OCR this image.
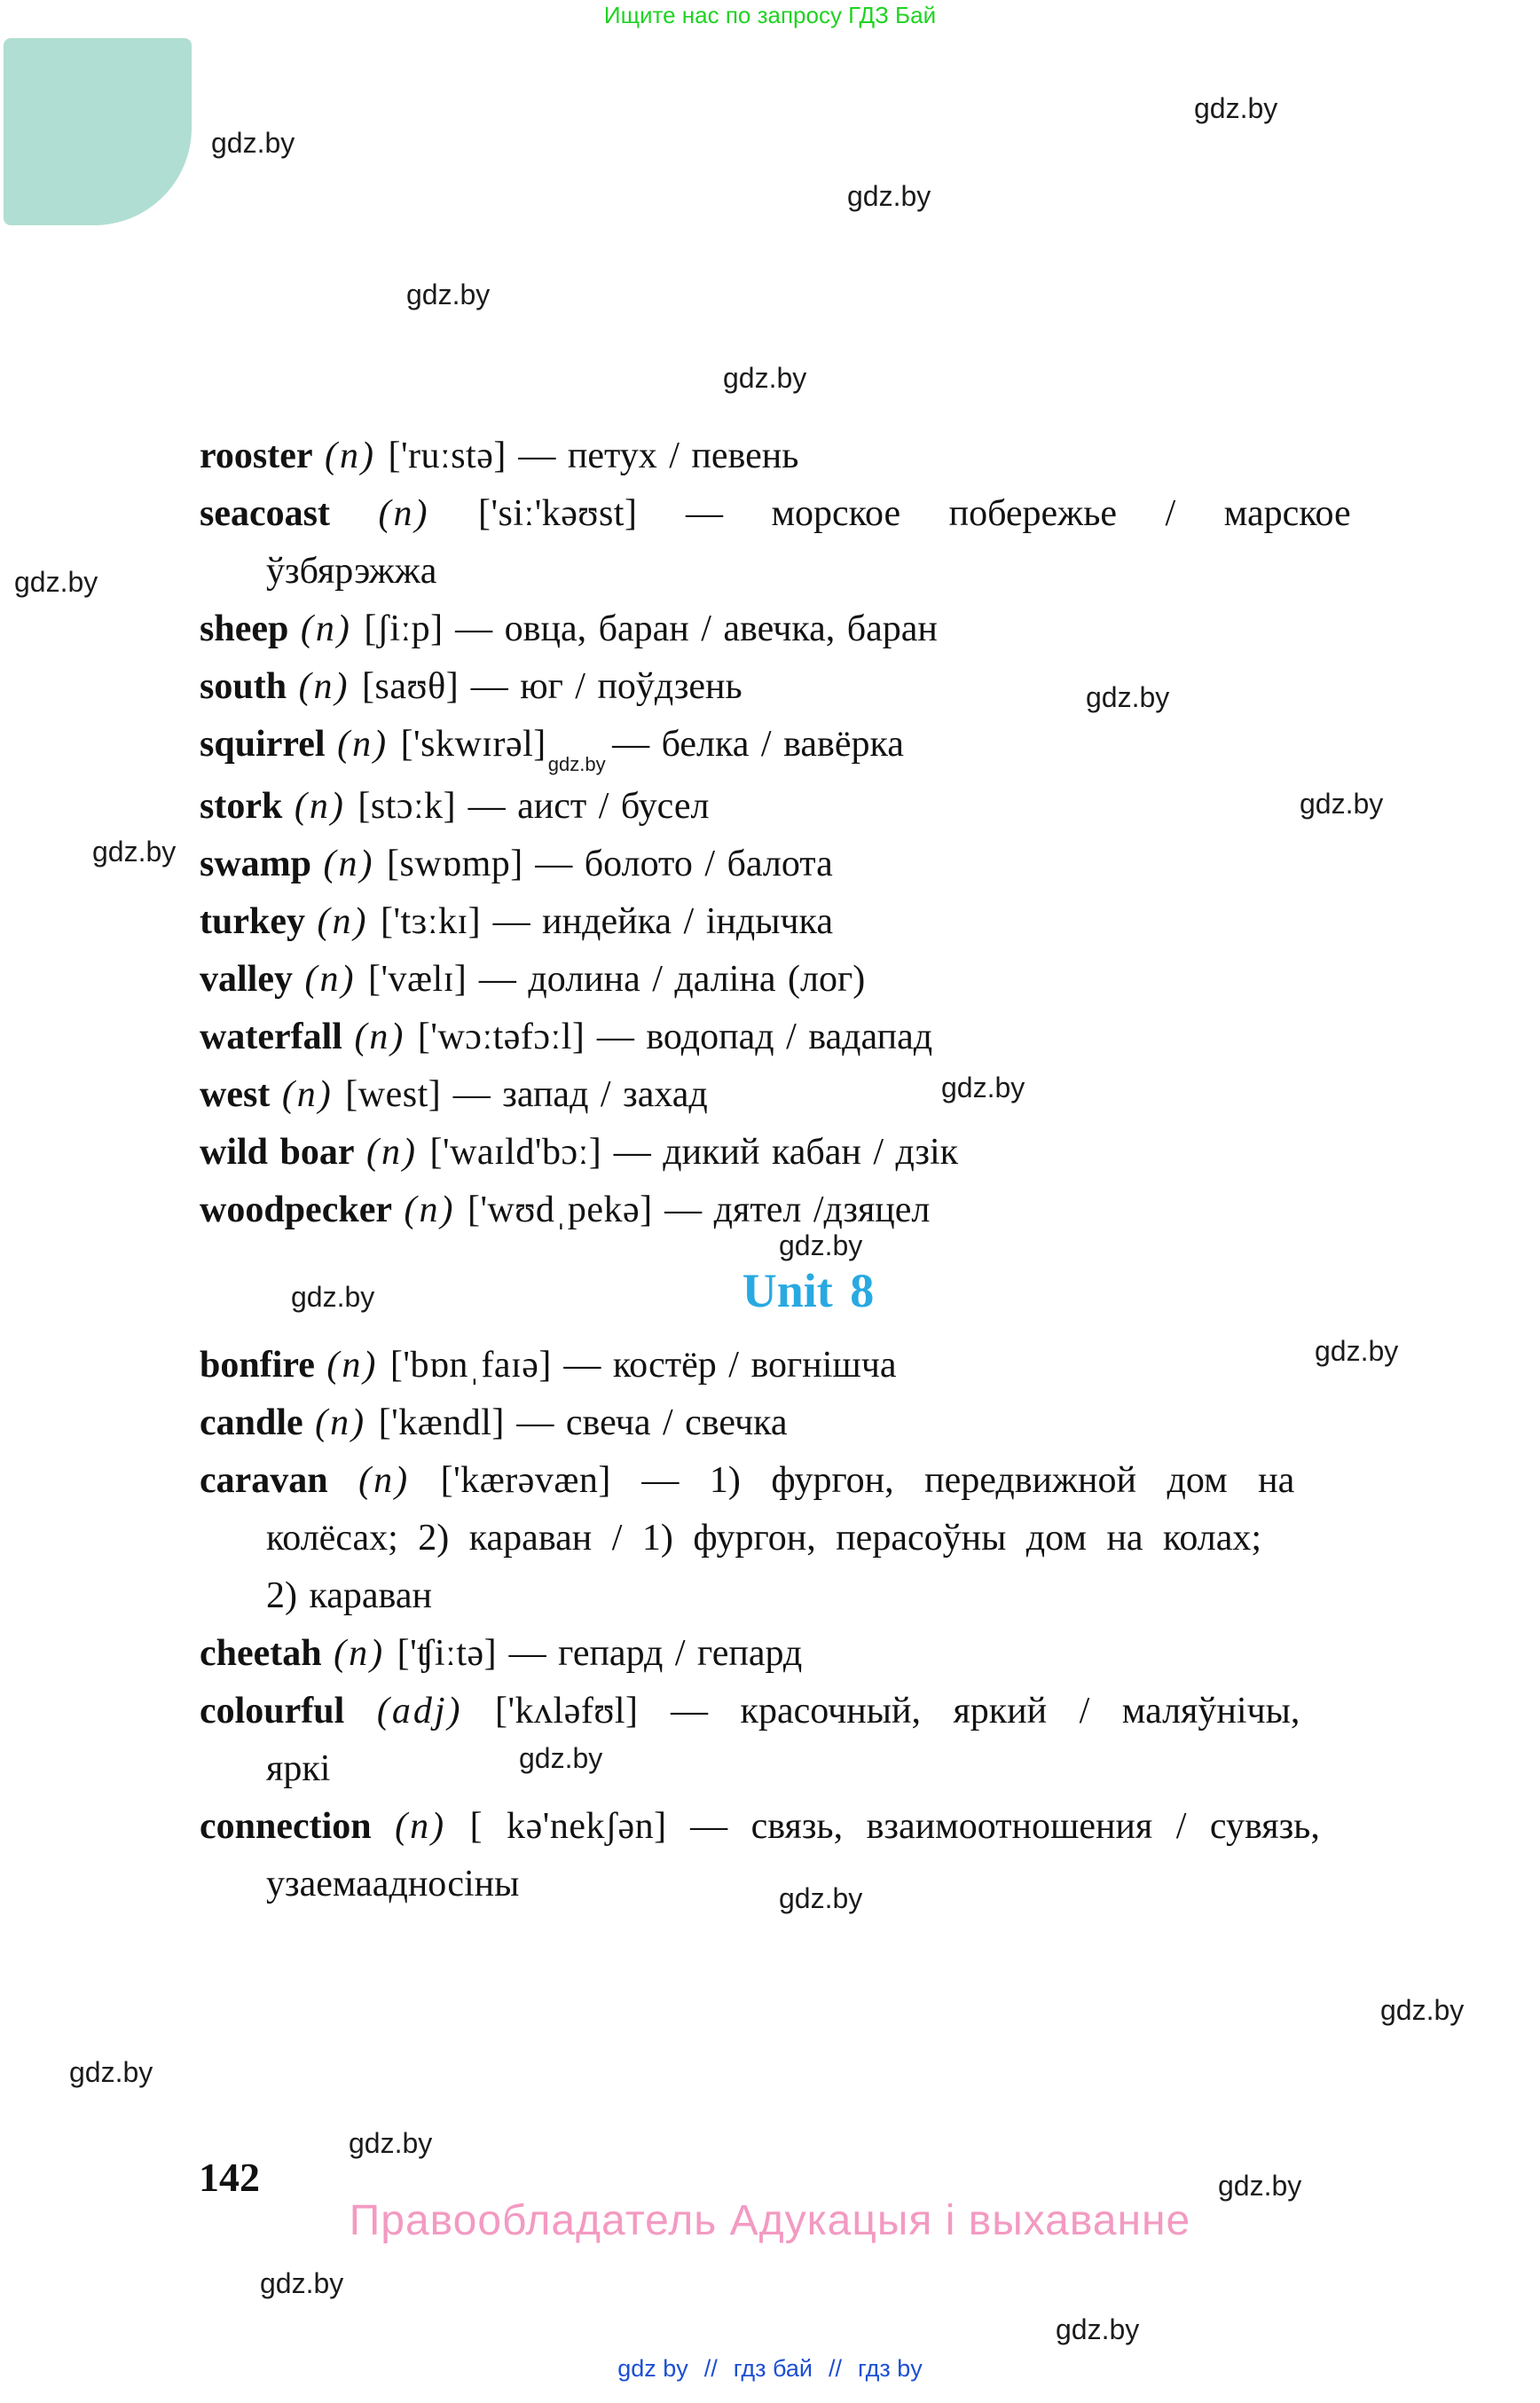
Ищите нас по запросу ГДЗ Бай
gdz.by
gdz.by
gdz.by
gdz.by
gdz.by
gdz.by
gdz.by
gdz.by
gdz.by
gdz.by
gdz.by
gdz.by
gdz.by
gdz.by
gdz.by
gdz.by
gdz.by
gdz.by
gdz.by
gdz.by
gdz.by

rooster (n) ['ruːstə] — петух / певень

seacoast (n) ['siː'kəʊst] — морское побережье / марское
ўзбярэжжа

sheep (n) [ʃiːp] — овца, баран / авечка, баран

south (n) [saʊθ] — юг / поўдзень

squirrel (n) $['skwɪrəl]_{gdz.by}$ — белка / вавёрка

stork (n) [stɔːk] — аист / бусел

swamp (n) [swɒmp] — болото / балота

turkey (n) ['tɜːkɪ] — индейка / індычка

valley (n) ['vælɪ] — долина / даліна (лог)

waterfall (n) ['wɔːtəfɔːl] — водопад / вадапад

west (n) [west] — запад / захад

wild boar (n) ['waɪld'bɔː] — дикий кабан / дзік

woodpecker (n) ['wʊdˌpekə] — дятел /дзяцел

Unit 8

bonfire (n) ['bɒnˌfaɪə] — костёр / вогнішча

candle (n) ['kændl] — свеча / свечка

caravan (n) ['kærəvæn] — 1) фургон, передвижной дом на
колёсах; 2) караван / 1) фургон, перасоўны дом на колах;
2) караван

cheetah (n) ['ʧiːtə] — гепард / гепард

colourful (adj) ['kʌləfʊl] — красочный, яркий / маляўнічы,
яркі

connection (n) [ kə'nekʃən] — связь, взаимоотношения / сувязь,
узаемаадносіны

142
Правообладатель Адукацыя і выхаванне
gdz by // гдз бай // гдз by
